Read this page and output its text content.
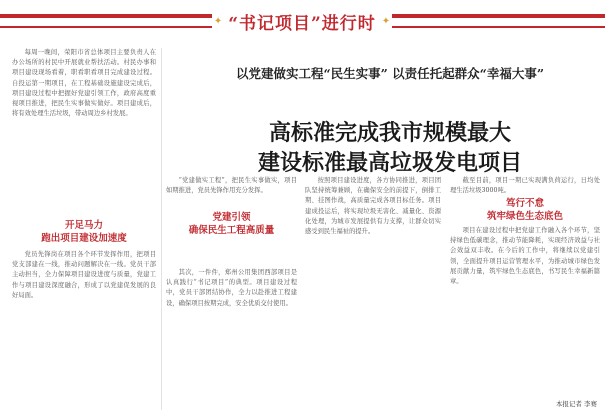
✦ “书记项目”进行时 ✦
以党建做实工程“民生实事” 以责任托起群众“幸福大事”
高标准完成我市规模最大
建设标准最高垃圾发电项目

每周一晚间，荣阳市省总体项目主要负责人在办公场所的村民中开展就业帮扶活动。村民办事和项目建设现场看着，职看职看项目完成建设过程。自投运第一期项目，在工程基础设施建设完成后，项目建设过程中把握好党建引领工作，政府高度重视项目推进，把民生实事做实做好。项目建成后，将有效处理生活垃圾，带动周边乡村发展。

开足马力
跑出项目建设加速度

党员先锋岗在项目各个环节发挥作用，把项目党支部建在一线，推动问题解决在一线。党员干部主动担当，全力保障项目建设进度与质量，党建工作与项目建设深度融合，形成了以党建促发展的良好局面。

“党建做实工程”，把民生实事做实，项目如期推进，党员先锋作用充分发挥。

党建引领
确保民生工程高质量

其次，一件件，郑州公用集团西部项目是认真践行“书记项目”的典型。项目建设过程中，党员干部团结协作，全力以赴推进工程建设，确保项目按期完成，安全优质交付使用。

按照项目建设进度，各方协同推进，项目团队坚持统筹兼顾，在确保安全的前提下，倒排工期、挂图作战，高质量完成各项目标任务。项目建成投运后，将实现垃圾无害化、减量化、资源化处理，为城市发展提供有力支撑，让群众切实感受到民生福祉的提升。

截至目前，项目一期已实现满负荷运行，日均处理生活垃圾3000吨。

笃行不怠
筑牢绿色生态底色

项目在建设过程中把党建工作融入各个环节，坚持绿色低碳理念，推动节能降耗，实现经济效益与社会效益双丰收。在今后的工作中，将继续以党建引领，全面提升项目运营管理水平，为推动城市绿色发展贡献力量，筑牢绿色生态底色，书写民生幸福新篇章。

本报记者 李赛
